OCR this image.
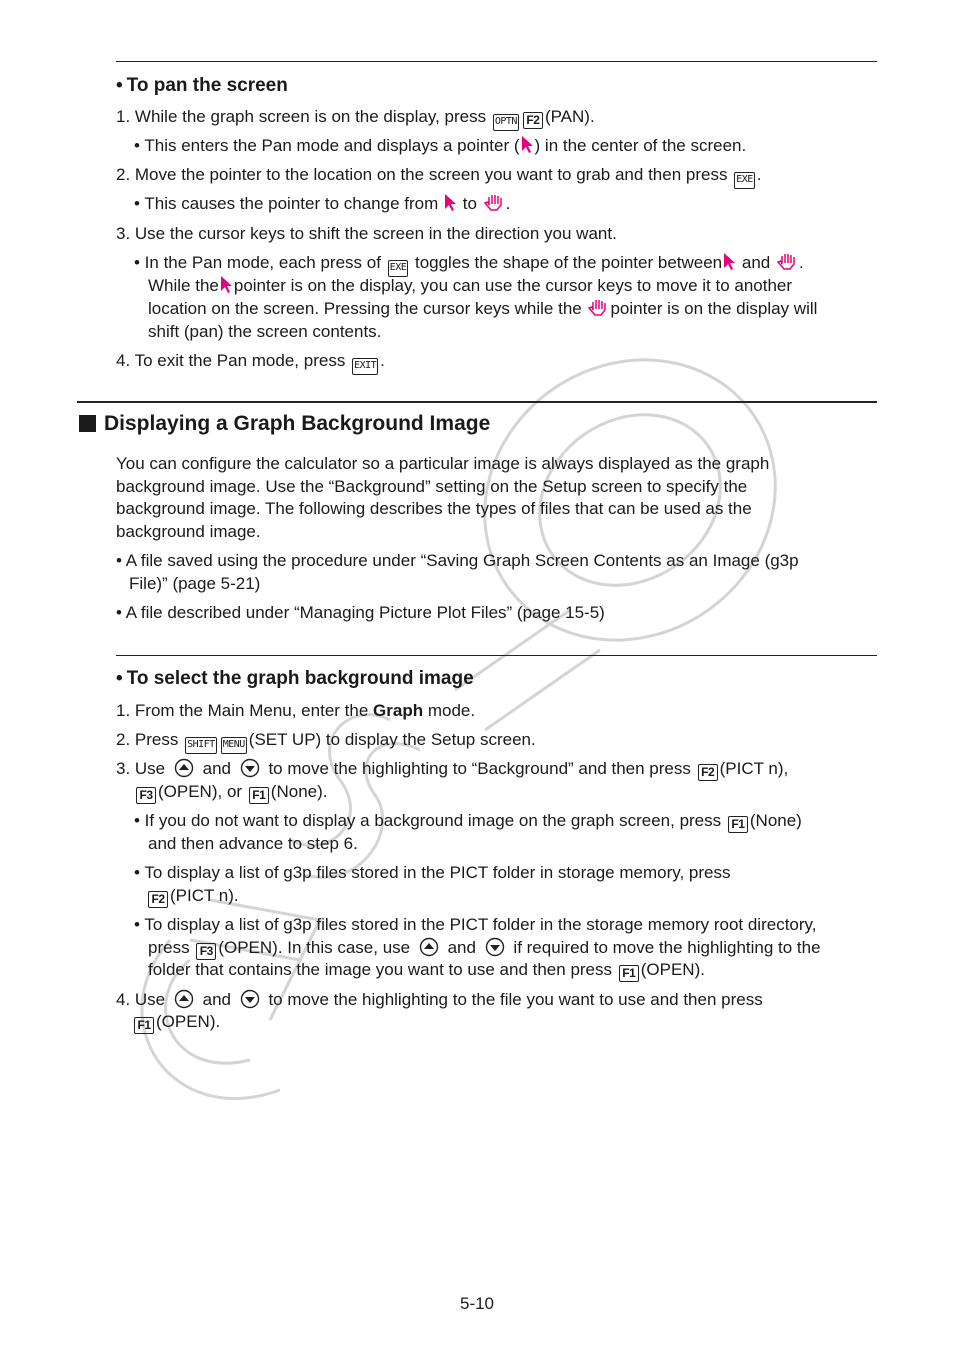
• To pan the screen
1. While the graph screen is on the display, press OPTN F2 (PAN).
• This enters the Pan mode and displays a pointer ( ) in the center of the screen.
2. Move the pointer to the location on the screen you want to grab and then press EXE .
• This causes the pointer to change from to .
3. Use the cursor keys to shift the screen in the direction you want.
• In the Pan mode, each press of EXE toggles the shape of the pointer between and .
While the pointer is on the display, you can use the cursor keys to move it to another
location on the screen. Pressing the cursor keys while the pointer is on the display will
shift (pan) the screen contents.
4. To exit the Pan mode, press EXIT .
Displaying a Graph Background Image
You can configure the calculator so a particular image is always displayed as the graph
background image. Use the “Background” setting on the Setup screen to specify the
background image. The following describes the types of files that can be used as the
background image.
• A file saved using the procedure under “Saving Graph Screen Contents as an Image (g3p
File)” (page 5-21)
• A file described under “Managing Picture Plot Files” (page 15-5)
• To select the graph background image
1. From the Main Menu, enter the Graph mode.
2. Press SHIFT MENU (SET UP) to display the Setup screen.
3. Use and to move the highlighting to “Background” and then press F2 (PICT n),
F3 (OPEN), or F1 (None).
• If you do not want to display a background image on the graph screen, press F1 (None)
and then advance to step 6.
• To display a list of g3p files stored in the PICT folder in storage memory, press
F2 (PICT n).
• To display a list of g3p files stored in the PICT folder in the storage memory root directory,
press F3 (OPEN). In this case, use and if required to move the highlighting to the
folder that contains the image you want to use and then press F1 (OPEN).
4. Use and to move the highlighting to the file you want to use and then press
F1 (OPEN).
5-10
